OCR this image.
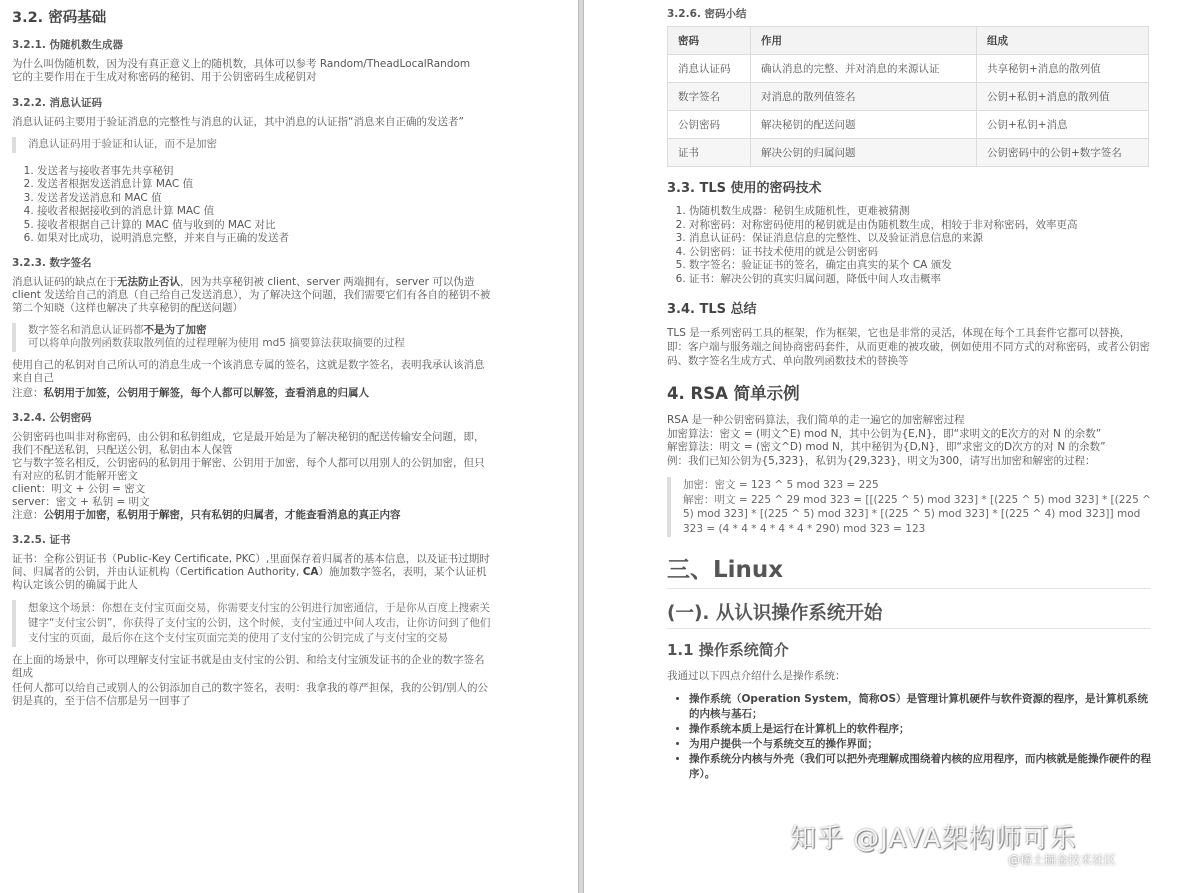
3.2. 密码基础
3.2.1. 伪随机数生成器

为什么叫伪随机数，因为没有真正意义上的随机数，具体可以参考 Random/TheadLocalRandom
它的主要作用在于生成对称密码的秘钥、用于公钥密码生成秘钥对

3.2.2. 消息认证码

消息认证码主要用于验证消息的完整性与消息的认证，其中消息的认证指“消息来自正确的发送者”

消息认证码用于验证和认证，而不是加密
1. 发送者与接收者事先共享秘钥
2. 发送者根据发送消息计算 MAC 值
3. 发送者发送消息和 MAC 值
4. 接收者根据接收到的消息计算 MAC 值
5. 接收者根据自己计算的 MAC 值与收到的 MAC 对比
6. 如果对比成功，说明消息完整，并来自与正确的发送者
3.2.3. 数字签名

消息认证码的缺点在于无法防止否认，因为共享秘钥被 client、server 两端拥有，server 可以伪造client 发送给自己的消息（自己给自己发送消息），为了解决这个问题，我们需要它们有各自的秘钥不被第二个知晓（这样也解决了共享秘钥的配送问题）

数字签名和消息认证码都不是为了加密
可以将单向散列函数获取散列值的过程理解为使用 md5 摘要算法获取摘要的过程

使用自己的私钥对自己所认可的消息生成一个该消息专属的签名，这就是数字签名，表明我承认该消息来自自己

注意：私钥用于加签，公钥用于解签，每个人都可以解签，查看消息的归属人

3.2.4. 公钥密码

公钥密码也叫非对称密码，由公钥和私钥组成，它是最开始是为了解决秘钥的配送传输安全问题，即，我们不配送私钥，只配送公钥，私钥由本人保管
它与数字签名相反，公钥密码的私钥用于解密、公钥用于加密，每个人都可以用别人的公钥加密，但只有对应的私钥才能解开密文
client：明文 + 公钥 = 密文
server：密文 + 私钥 = 明文
注意：公钥用于加密，私钥用于解密，只有私钥的归属者，才能查看消息的真正内容

3.2.5. 证书

证书：全称公钥证书（Public-Key Certificate, PKC）,里面保存着归属者的基本信息，以及证书过期时间、归属者的公钥，并由认证机构（Certification Authority, CA）施加数字签名，表明，某个认证机构认定该公钥的确属于此人

想象这个场景：你想在支付宝页面交易，你需要支付宝的公钥进行加密通信，于是你从百度上搜索关键字“支付宝公钥”，你获得了支付宝的公钥，这个时候，支付宝通过中间人攻击，让你访问到了他们支付宝的页面，最后你在这个支付宝页面完美的使用了支付宝的公钥完成了与支付宝的交易

在上面的场景中，你可以理解支付宝证书就是由支付宝的公钥、和给支付宝颁发证书的企业的数字签名组成

任何人都可以给自己或别人的公钥添加自己的数字签名，表明：我拿我的尊严担保，我的公钥/别人的公钥是真的，至于信不信那是另一回事了

3.2.6. 密码小结
密码	作用	组成
消息认证码	确认消息的完整、并对消息的来源认证	共享秘钥+消息的散列值
数字签名	对消息的散列值签名	公钥+私钥+消息的散列值
公钥密码	解决秘钥的配送问题	公钥+私钥+消息
证书	解决公钥的归属问题	公钥密码中的公钥+数字签名
3.3. TLS 使用的密码技术
1. 伪随机数生成器：秘钥生成随机性，更难被猜测
2. 对称密码：对称密码使用的秘钥就是由伪随机数生成，相较于非对称密码，效率更高
3. 消息认证码：保证消息信息的完整性、以及验证消息信息的来源
4. 公钥密码：证书技术使用的就是公钥密码
5. 数字签名：验证证书的签名，确定由真实的某个 CA 颁发
6. 证书：解决公钥的真实归属问题，降低中间人攻击概率
3.4. TLS 总结

TLS 是一系列密码工具的框架，作为框架，它也是非常的灵活，体现在每个工具套件它都可以替换，即：客户端与服务端之间协商密码套件，从而更难的被攻破，例如使用不同方式的对称密码，或者公钥密码、数字签名生成方式、单向散列函数技术的替换等

4. RSA 简单示例

RSA 是一种公钥密码算法，我们简单的走一遍它的加密解密过程
加密算法：密文 = (明文^E) mod N，其中公钥为{E,N}，即“求明文的E次方的对 N 的余数”
解密算法：明文 = (密文^D) mod N，其中秘钥为{D,N}，即“求密文的D次方的对 N 的余数”
例：我们已知公钥为{5,323}，私钥为{29,323}，明文为300，请写出加密和解密的过程：

加密：密文 = 123 ^ 5 mod 323 = 225
解密：明文 = 225 ^ 29 mod 323 = [[(225 ^ 5) mod 323] * [(225 ^ 5) mod 323] * [(225 ^ 5) mod 323] * [(225 ^ 5) mod 323] * [(225 ^ 5) mod 323] * [(225 ^ 4) mod 323]] mod 323 = (4 * 4 * 4 * 4 * 4 * 290) mod 323 = 123
三、Linux
(一). 从认识操作系统开始
1.1 操作系统简介

我通过以下四点介绍什么是操作系统：

• 操作系统（Operation System，简称OS）是管理计算机硬件与软件资源的程序，是计算机系统的内核与基石；
• 操作系统本质上是运行在计算机上的软件程序；
• 为用户提供一个与系统交互的操作界面；
• 操作系统分内核与外壳（我们可以把外壳理解成围绕着内核的应用程序，而内核就是能操作硬件的程序）。
知乎 @JAVA架构师可乐
@稀土掘金技术社区
